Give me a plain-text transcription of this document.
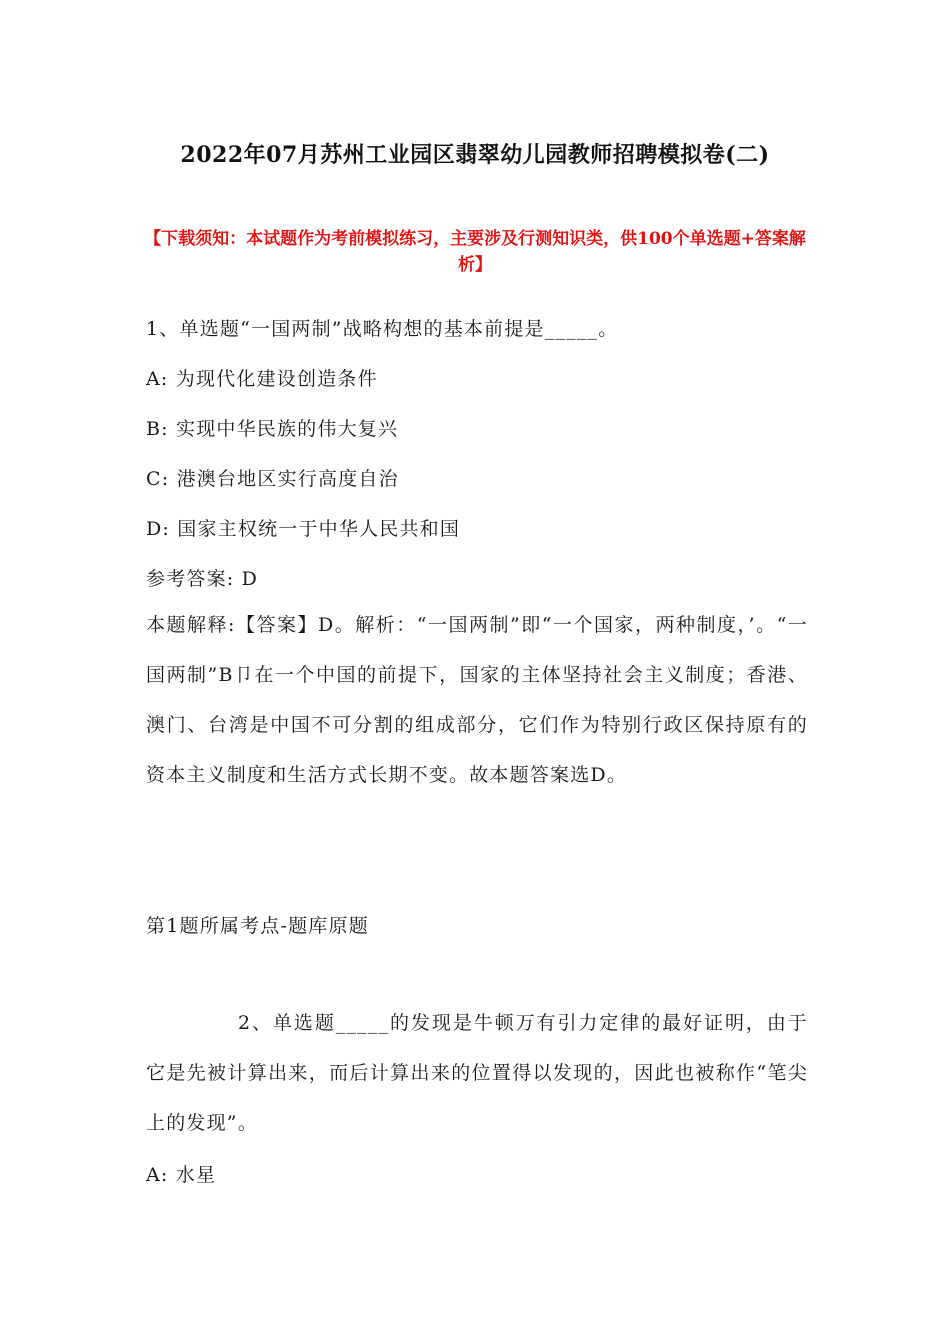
2022年07月苏州工业园区翡翠幼儿园教师招聘模拟卷(二)
【下载须知：本试题作为考前模拟练习，主要涉及行测知识类，供100个单选题+答案解析】
1、单选题“一国两制”战略构想的基本前提是_____。
A: 为现代化建设创造条件
B: 实现中华民族的伟大复兴
C: 港澳台地区实行高度自治
D: 国家主权统一于中华人民共和国
参考答案: D
本题解释:【答案】D。解析：“一国两制”即“一个国家，两种制度，’。“一国两制”B卩在一个中国的前提下，国家的主体坚持社会主义制度；香港、澳门、台湾是中国不可分割的组成部分，它们作为特别行政区保持原有的资本主义制度和生活方式长期不变。故本题答案选D。
第1题所属考点-题库原题
2、单选题_____的发现是牛顿万有引力定律的最好证明，由于它是先被计算出来，而后计算出来的位置得以发现的，因此也被称作“笔尖上的发现”。
A: 水星
